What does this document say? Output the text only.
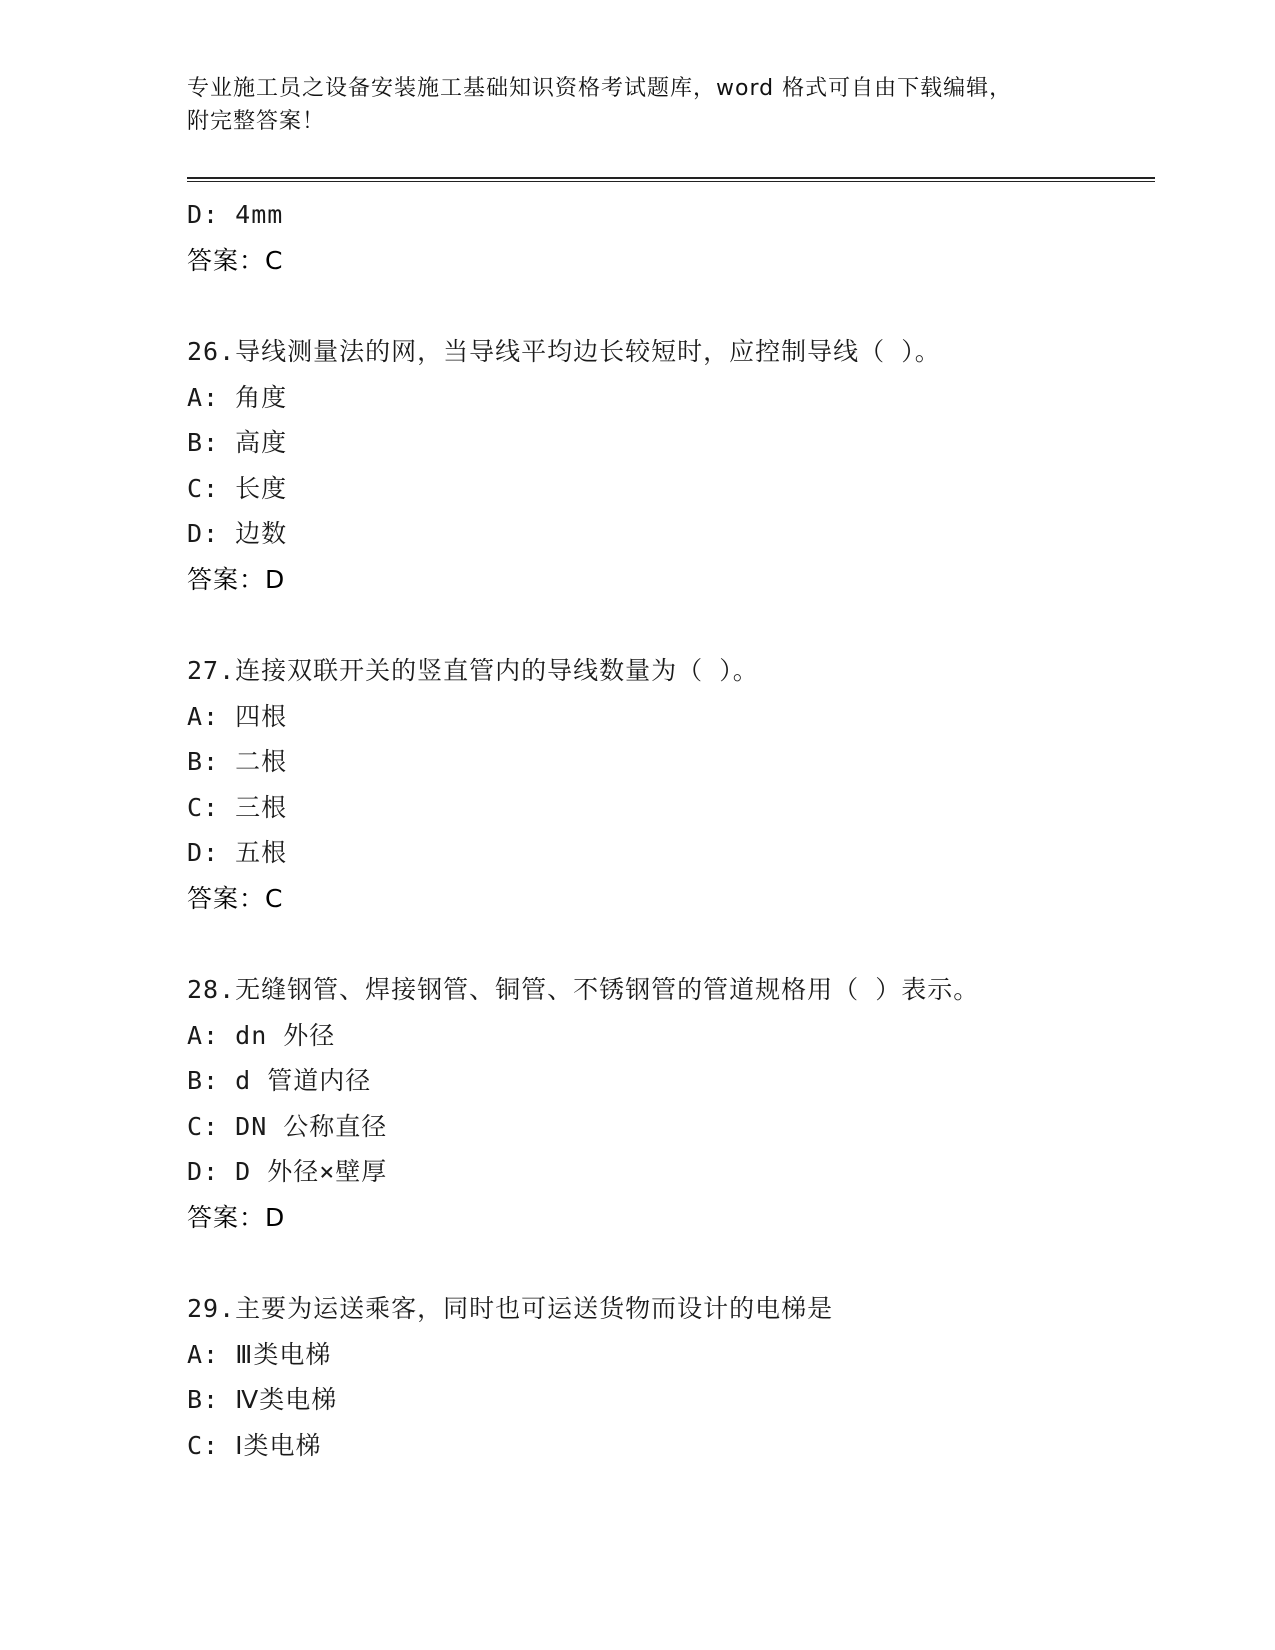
专业施工员之设备安装施工基础知识资格考试题库，word 格式可自由下载编辑，
附完整答案！
D: 4mm
答案：C
26.导线测量法的网，当导线平均边长较短时，应控制导线（ ）。
A: 角度
B: 高度
C: 长度
D: 边数
答案：D
27.连接双联开关的竖直管内的导线数量为（ ）。
A: 四根
B: 二根
C: 三根
D: 五根
答案：C
28.无缝钢管、焊接钢管、铜管、不锈钢管的管道规格用（ ）表示。
A: dn 外径
B: d 管道内径
C: DN 公称直径
D: D 外径×壁厚
答案：D
29.主要为运送乘客，同时也可运送货物而设计的电梯是
A: Ⅲ类电梯
B: Ⅳ类电梯
C: Ⅰ类电梯
